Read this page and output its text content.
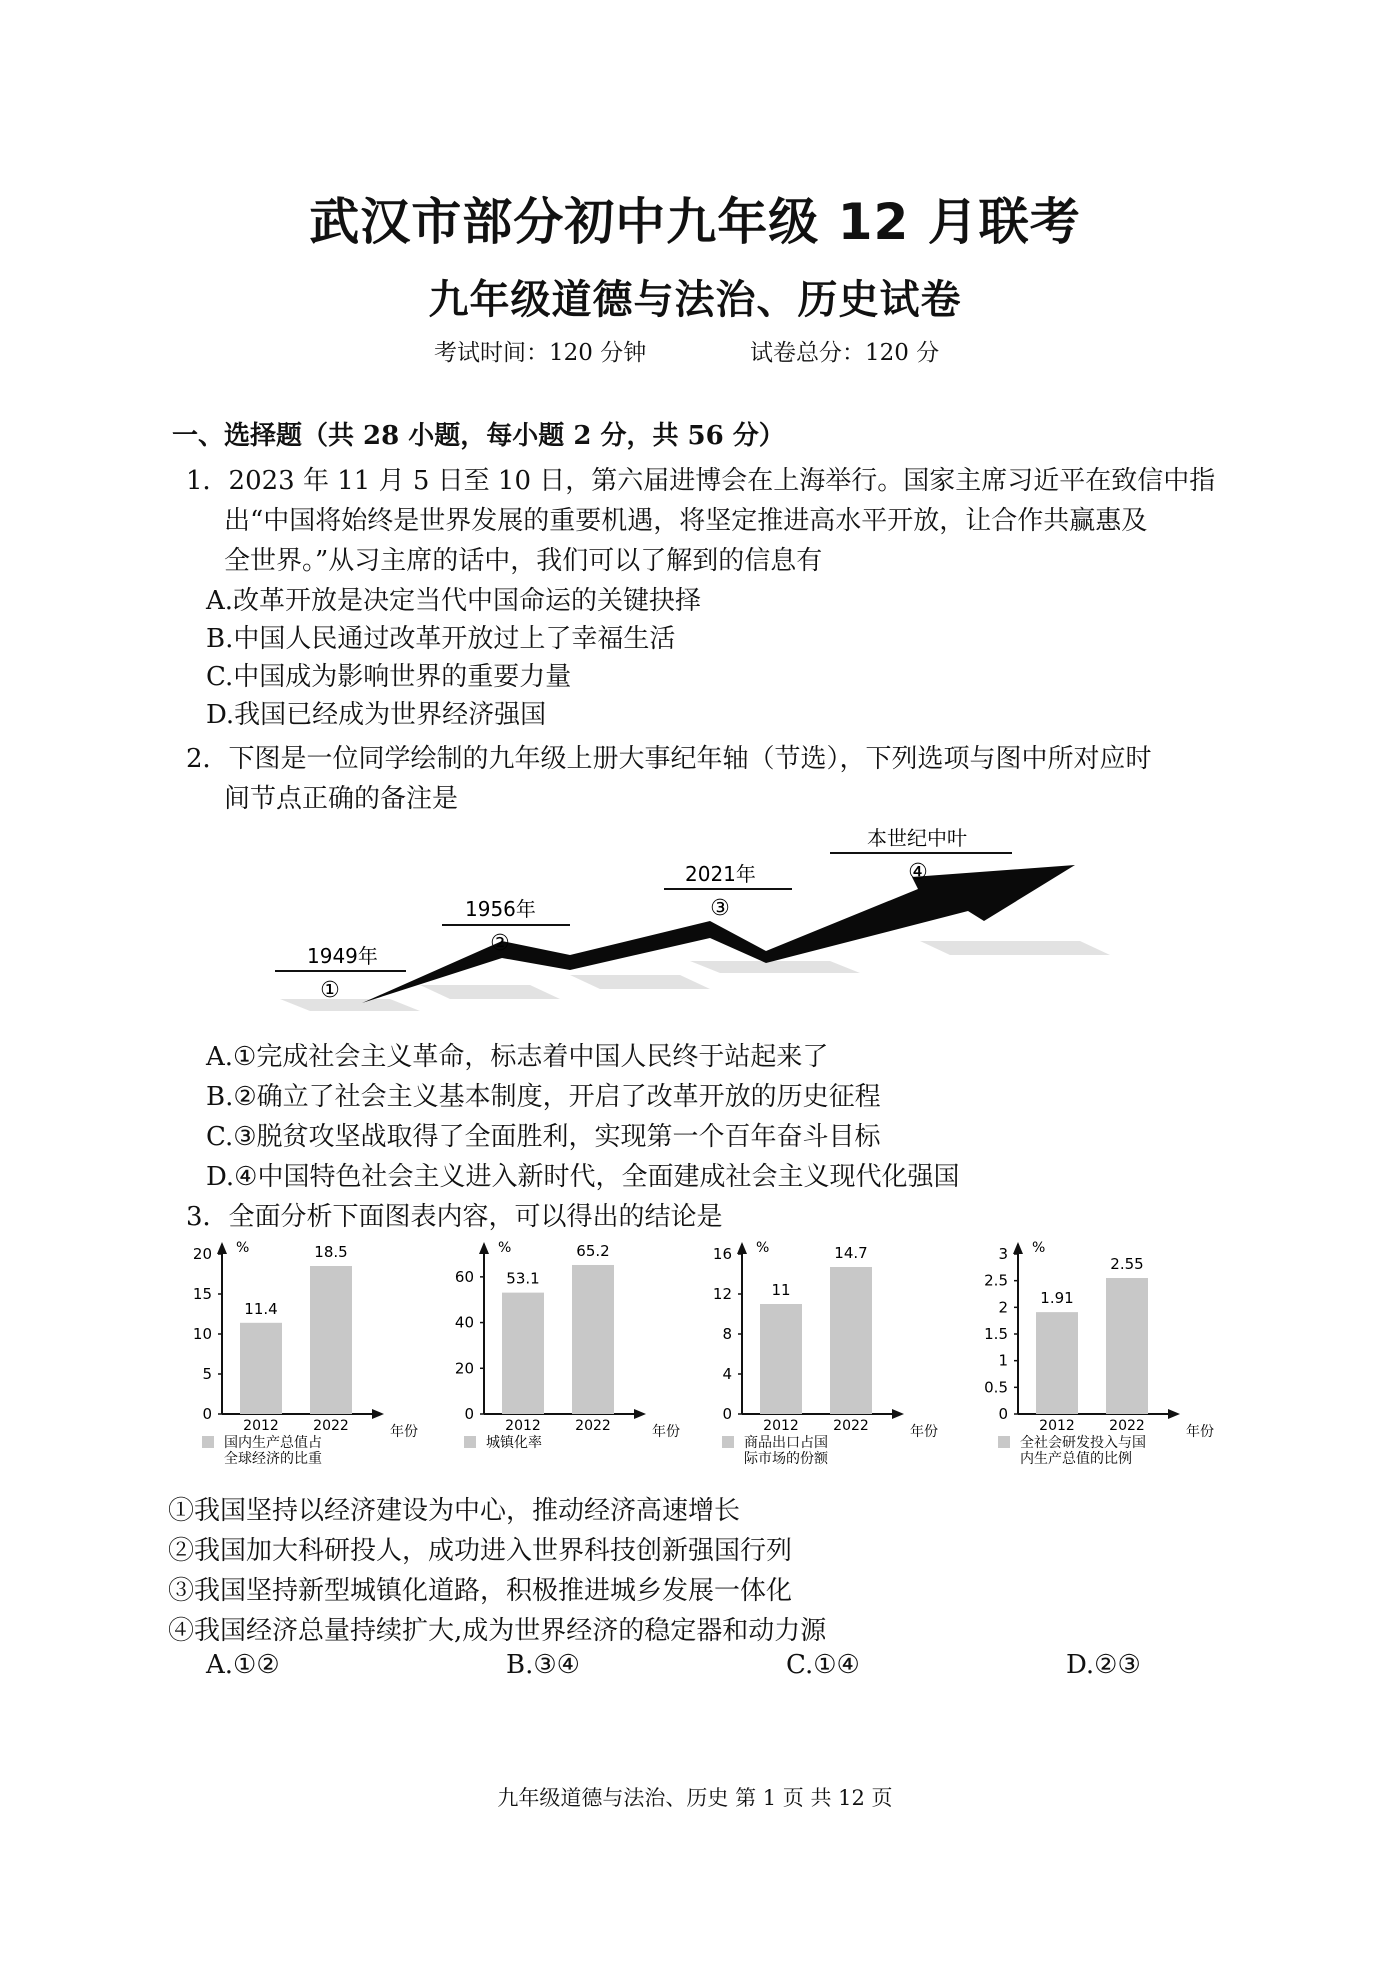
武汉市部分初中九年级 12 月联考
九年级道德与法治、历史试卷
考试时间：120 分钟	试卷总分：120 分
一、选择题（共 28 小题，每小题 2 分，共 56 分）
1．2023 年 11 月 5 日至 10 日，第六届进博会在上海举行。国家主席习近平在致信中指
出“中国将始终是世界发展的重要机遇，将坚定推进高水平开放，让合作共赢惠及
全世界。”从习主席的话中，我们可以了解到的信息有
A.改革开放是决定当代中国命运的关键抉择
B.中国人民通过改革开放过上了幸福生活
C.中国成为影响世界的重要力量
D.我国已经成为世界经济强国
2．下图是一位同学绘制的九年级上册大事纪年轴（节选），下列选项与图中所对应时
间节点正确的备注是
1949年
①
1956年
②
2021年
③
本世纪中叶
④
A.①完成社会主义革命，标志着中国人民终于站起来了
B.②确立了社会主义基本制度，开启了改革开放的历史征程
C.③脱贫攻坚战取得了全面胜利，实现第一个百年奋斗目标
D.④中国特色社会主义进入新时代，全面建成社会主义现代化强国
3．全面分析下面图表内容，可以得出的结论是
%
0
5
10
15
20
11.4
2012
18.5
2022	年份
国内生产总值占
全球经济的比重
%
0
20
40
60 53.1
2012
65.2
2022	年份
城镇化率
%
0
4
8
12
16
11
2012
14.7
2022	年份
商品出口占国
际市场的份额
%
0
0.5
1
1.5
2
2.5
3
1.91
2012
2.55
2022	年份
全社会研发投入与国
内生产总值的比例
①我国坚持以经济建设为中心，推动经济高速增长
②我国加大科研投人，成功进入世界科技创新强国行列
③我国坚持新型城镇化道路，积极推进城乡发展一体化
④我国经济总量持续扩大,成为世界经济的稳定器和动力源
A.①②	B.③④	C.①④	D.②③
九年级道德与法治、历史 第 1 页 共 12 页
